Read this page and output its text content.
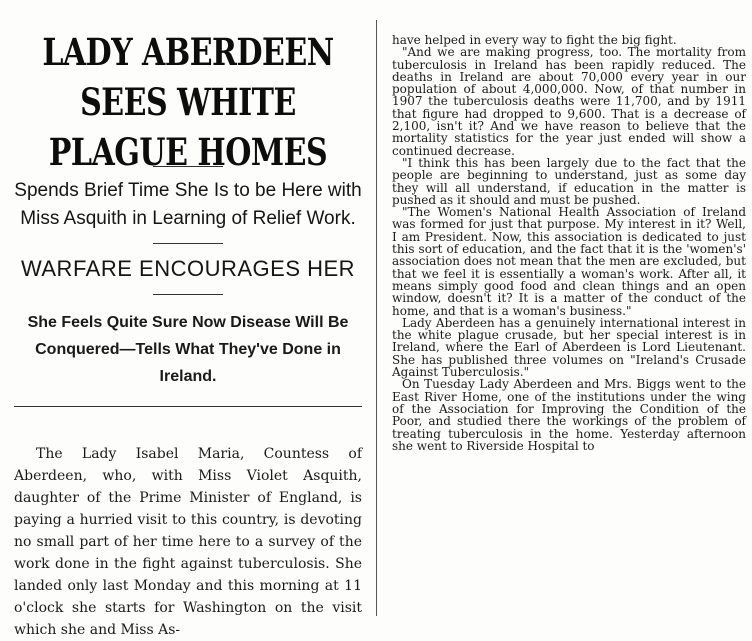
LADY ABERDEEN SEES WHITE PLAGUE HOMES
Spends Brief Time She Is to be Here with Miss Asquith in Learning of Relief Work.
WARFARE ENCOURAGES HER
She Feels Quite Sure Now Disease Will Be Conquered—Tells What They've Done in Ireland.

The Lady Isabel Maria, Countess of Aberdeen, who, with Miss Violet Asquith, daughter of the Prime Minister of England, is paying a hurried visit to this country, is devoting no small part of her time here to a survey of the work done in the fight against tuberculosis. She landed only last Monday and this morning at 11 o'clock she starts for Washington on the visit which she and Miss As-

have helped in every way to fight the big fight.

"And we are making progress, too. The mortality from tuberculosis in Ireland has been rapidly reduced. The deaths in Ireland are about 70,000 every year in our population of about 4,000,000. Now, of that number in 1907 the tuberculosis deaths were 11,700, and by 1911 that figure had dropped to 9,600. That is a decrease of 2,100, isn't it? And we have reason to believe that the mortality statistics for the year just ended will show a continued decrease.

"I think this has been largely due to the fact that the people are beginning to understand, just as some day they will all understand, if education in the matter is pushed as it should and must be pushed.

"The Women's National Health Association of Ireland was formed for just that purpose. My interest in it? Well, I am President. Now, this association is dedicated to just this sort of education, and the fact that it is the 'women's' association does not mean that the men are excluded, but that we feel it is essentially a woman's work. After all, it means simply good food and clean things and an open window, doesn't it? It is a matter of the conduct of the home, and that is a woman's business."

Lady Aberdeen has a genuinely international interest in the white plague crusade, but her special interest is in Ireland, where the Earl of Aberdeen is Lord Lieutenant. She has published three volumes on "Ireland's Crusade Against Tuberculosis."

On Tuesday Lady Aberdeen and Mrs. Biggs went to the East River Home, one of the institutions under the wing of the Association for Improving the Condition of the Poor, and studied there the workings of the problem of treating tuberculosis in the home. Yesterday afternoon she went to Riverside Hospital to
